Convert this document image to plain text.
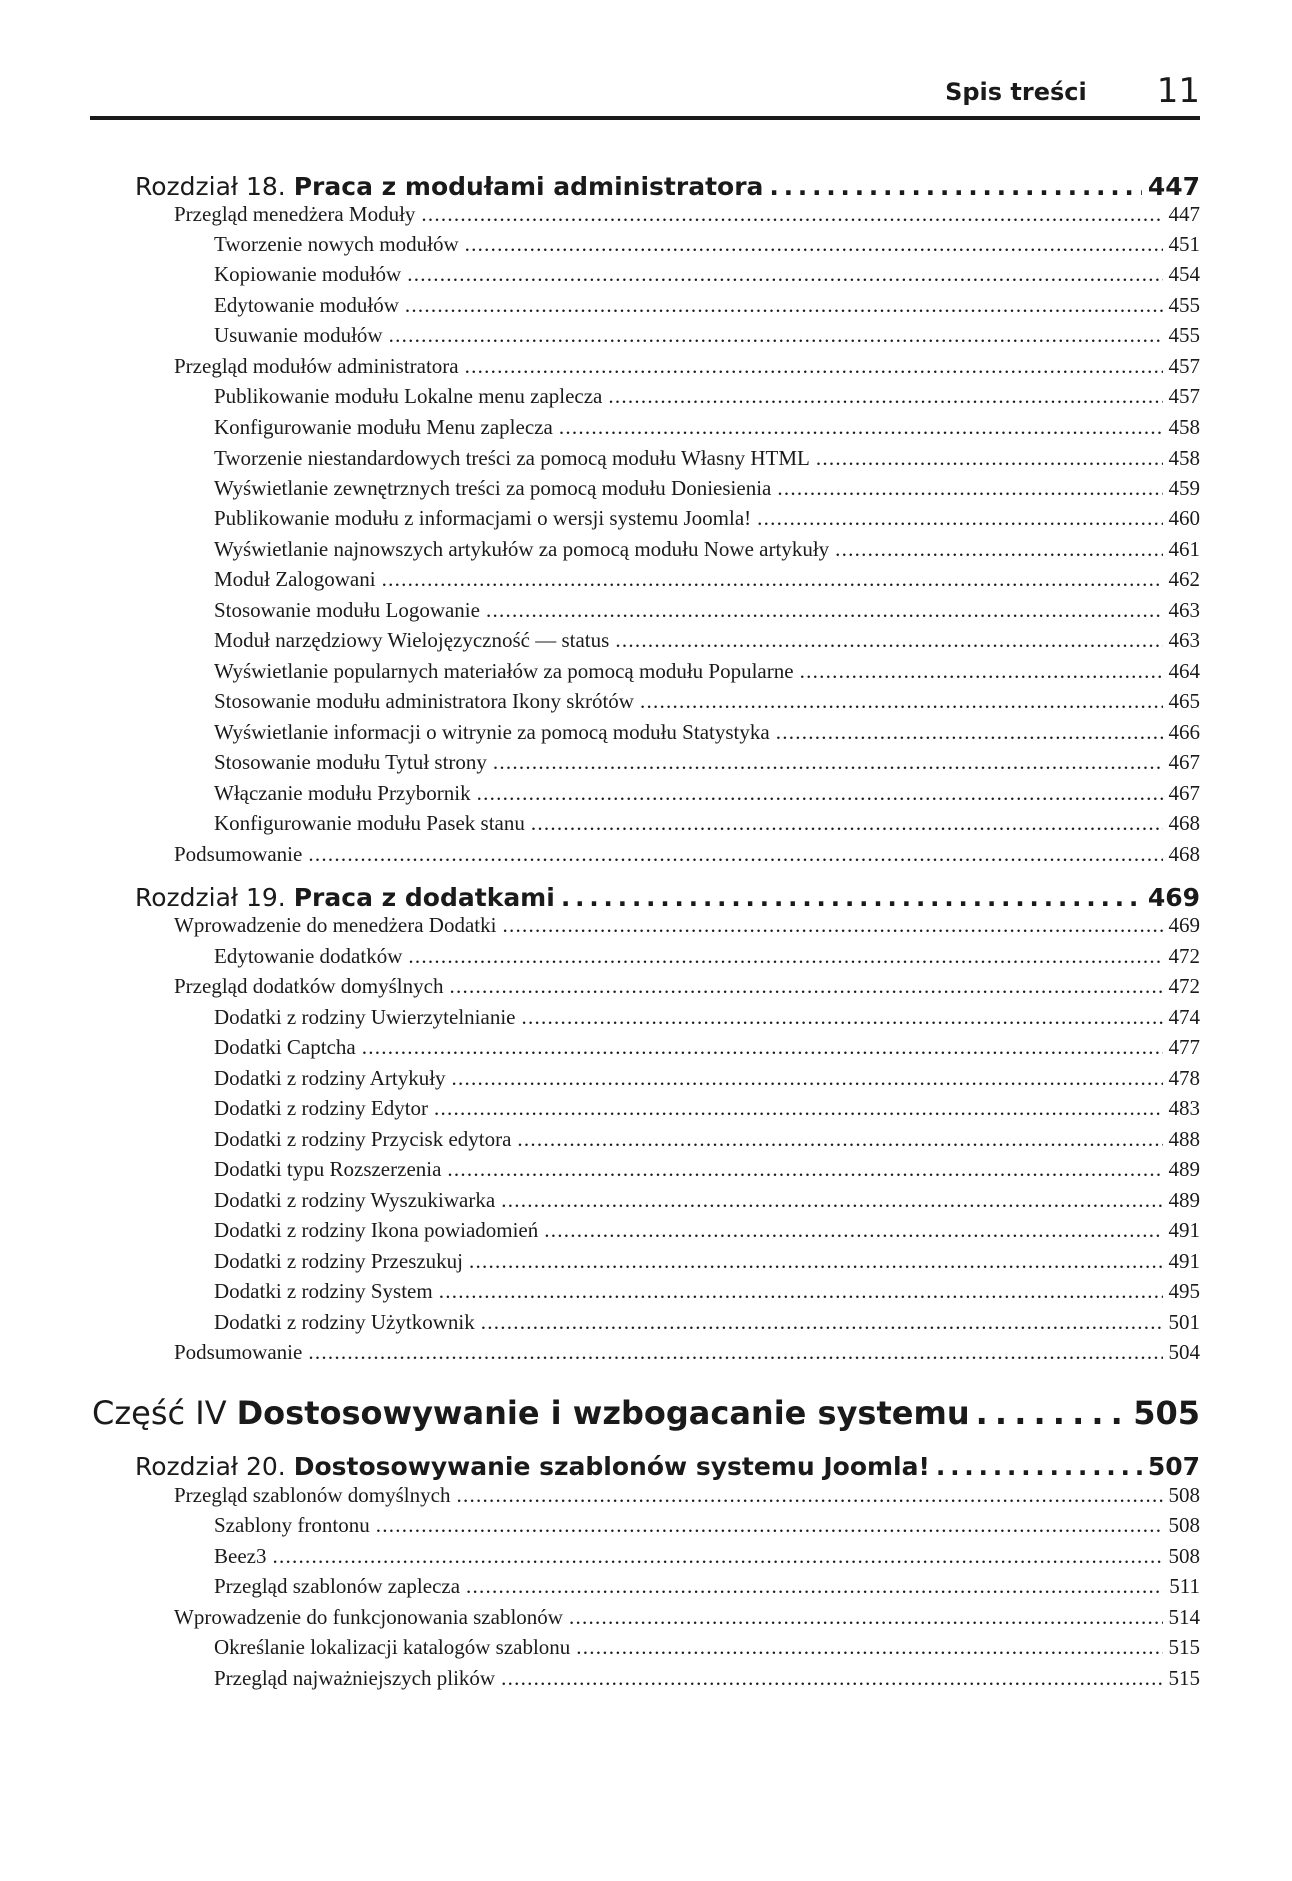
Spis treści 11
Rozdział 18. Praca z modułami administratora . . .	447
Przegląd menedżera Moduły . . .	447
Tworzenie nowych modułów . . .	451
Kopiowanie modułów . . .	454
Edytowanie modułów . . .	455
Usuwanie modułów . . .	455
Przegląd modułów administratora . . .	457
Publikowanie modułu Lokalne menu zaplecza . . .	457
Konfigurowanie modułu Menu zaplecza . . .	458
Tworzenie niestandardowych treści za pomocą modułu Własny HTML . . .	458
Wyświetlanie zewnętrznych treści za pomocą modułu Doniesienia . . .	459
Publikowanie modułu z informacjami o wersji systemu Joomla! . . .	460
Wyświetlanie najnowszych artykułów za pomocą modułu Nowe artykuły . . .	461
Moduł Zalogowani . . .	462
Stosowanie modułu Logowanie . . .	463
Moduł narzędziowy Wielojęzyczność — status . . .	463
Wyświetlanie popularnych materiałów za pomocą modułu Popularne . . .	464
Stosowanie modułu administratora Ikony skrótów . . .	465
Wyświetlanie informacji o witrynie za pomocą modułu Statystyka . . .	466
Stosowanie modułu Tytuł strony . . .	467
Włączanie modułu Przybornik . . .	467
Konfigurowanie modułu Pasek stanu . . .	468
Podsumowanie . . .	468
Rozdział 19. Praca z dodatkami . . .	469
Wprowadzenie do menedżera Dodatki . . .	469
Edytowanie dodatków . . .	472
Przegląd dodatków domyślnych . . .	472
Dodatki z rodziny Uwierzytelnianie . . .	474
Dodatki Captcha . . .	477
Dodatki z rodziny Artykuły . . .	478
Dodatki z rodziny Edytor . . .	483
Dodatki z rodziny Przycisk edytora . . .	488
Dodatki typu Rozszerzenia . . .	489
Dodatki z rodziny Wyszukiwarka . . .	489
Dodatki z rodziny Ikona powiadomień . . .	491
Dodatki z rodziny Przeszukuj . . .	491
Dodatki z rodziny System . . .	495
Dodatki z rodziny Użytkownik . . .	501
Podsumowanie . . .	504
Część IV Dostosowywanie i wzbogacanie systemu . . .	505
Rozdział 20. Dostosowywanie szablonów systemu Joomla! . . .	507
Przegląd szablonów domyślnych . . .	508
Szablony frontonu . . .	508
Beez3 . . .	508
Przegląd szablonów zaplecza . . .	511
Wprowadzenie do funkcjonowania szablonów . . .	514
Określanie lokalizacji katalogów szablonu . . .	515
Przegląd najważniejszych plików . . .	515
